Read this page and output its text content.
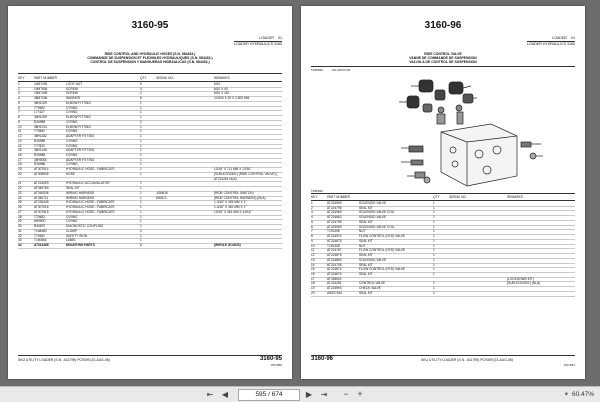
3160-95
LOADER 01
LOADER HYDRAULICS 3160
RIDE CONTROL AND HYDRAULIC HOSES (S.N. 584433-)
COMMANDE DE SUSPENSION ET FLEXIBLES HYDRAULIQUES (S.N. 584433-)
CONTROL DE SUSPENSION Y MANGUERAS HIDRAULICAS (S.N. 584433-)
KEY	PART NUMBER	QTY	SERIAL NO.	REMARKS
1	14M7430	LOCK NUT	6	M10
2	19M7636	SCREW	4	M10 X 40
3	19M7405	SCREW	2	M10 X 110
4	38M7036	WASHER	6	10.500 X 20 X 2.500 MM
5	38H1029	ELBOW FITTING	1
6	T79482	O-RING	1
7	L77427	O-RING	1
8	38H1009	ELBOW FITTING	1
9	R26985	O-RING	2
10	38H1013	ELBOW FITTING	1
11	T79482	O-RING	1
12	38H1182	ADAPTER FITTING	1
13	R26985	O-RING	1
14	T77820	O-RING	1
15	38H1146	ADAPTER FITTING	1
16	R26985	O-RING	1
17	38H5000	ADAPTER FITTING	1
18	R26986	O-RING	1
19	AT307514	HYDRAULIC HOSE - FABRICATE	1	13/16" X 711 MM X 13/16"
20	AT309836	HOSE	1	(SUB AT332301) (RIDE CONTROL VALVE) (
AT224281 NLA)
21	AT224493	HYDRAULIC ACCUMULATOR	1
22	AT345789	SEAL KIT	1
23	AT260536	WIRING HARNESS	1	-600616	(RIDE CONTROL SWITCH)
24	AT340711	WIRING HARNESS	1	600617-	(RIDE CONTROL HARNESS) (NLA)
25	AT226445	HYDRAULIC HOSE - FABRICATE	1	1-3/16" X 305 MM X 1"
26	AT307516	HYDRAULIC HOSE - FABRICATE	1	1-3/16" X 381 MM X 1"
27	AT307515	HYDRAULIC HOSE - FABRICATE	1	13/16" X 381 MM X 13/16"
28	T79482	O-RING	1
29	H8990C	O-RING	1
30	R46870	DIAGNOSTIC COUPLING	1
31	T148480	CLAMP	2
32	T79482	SAFETY SIGN	1
33	T160564	LABEL	1
34	AT314466	MOUNTING PARTS	1	(WHOLE GOODS)
SKU UTILITY LOADER (S.N. -611799) PC9309 (23-AUG-06)	3160-95
PN=650
3160-96
LOADER 01
LOADER HYDRAULICS 3160
RIDE CONTROL VALVE
VANNE DE COMMANDE DE SUSPENSION
VALVULA DE CONTROL DE SUSPENSION
T189933	-UN-02OCT03
T189933
KEY	PART NUMBER	QTY	SERIAL NO.	REMARKS
1	AT224969	SOLENOID VALVE	1
2	AT224795	SEAL KIT	1
3	AT224969	SOLENOID VALVE COIL	1
4	AT224863	SOLENOID VALVE	1
5	AT224795	SEAL KIT	1
6	AT224969	SOLENOID VALVE COIL	1
7	T191308	NUT	1
8	AT224574	FLOW CONTROL (HYD) VALVE	1
9	AT224875	SEAL KIT	1
10	T191308	NUT	1
11	AT224767	FLOW CONTROL (HYD) VALVE	1
12	AT224875	SEAL KIT	1
13	AT224863	SOLENOID VALVE	1
14	AT224795	SEAL KIT	1
15	AT224874	FLOW CONTROL (HYD) VALVE	1
16	AT224875	SEAL KIT	1
17	AT318502	(LOCKDOWN KIT)
18	AT224281	CONTROL VALVE	1	(SUB AT332301) (NLA)
19	AT224993	CHECK VALVE	1
20	AN207184	SEAL KIT	1
3160-96	SKU UTILITY LOADER (S.N. -611799) PC9309 (23-AUG-06)
PN=651
⇤	◀	595 / 674	▶	⇥	− +	▾ 60.47%
